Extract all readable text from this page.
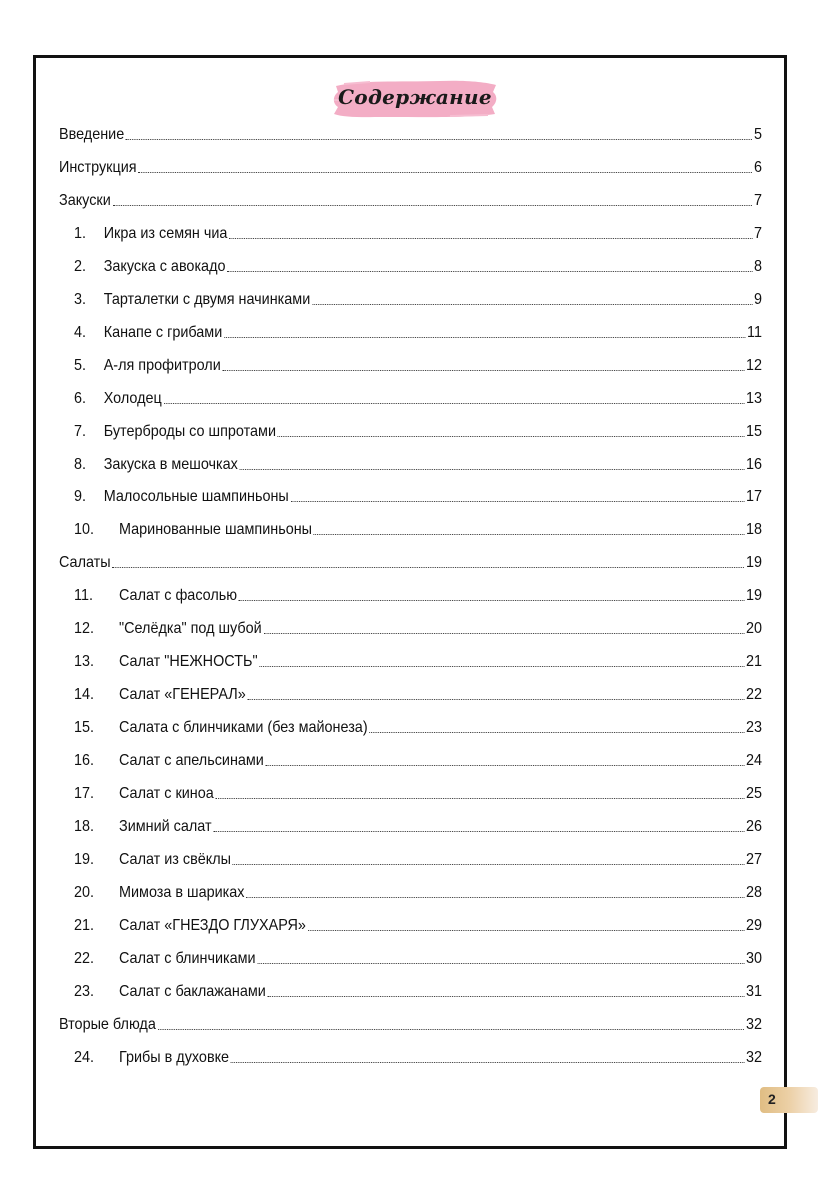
Содержание
Введение	5
Инструкция	6
Закуски	7
1.	Икра из семян чиа	7
2.	Закуска с авокадо	8
3.	Тарталетки с двумя начинками	9
4.	Канапе с грибами	11
5.	А-ля профитроли	12
6.	Холодец	13
7.	Бутерброды со шпротами	15
8.	Закуска в мешочках	16
9.	Малосольные шампиньоны	17
10.	Маринованные шампиньоны	18
Салаты	19
11.	Салат с фасолью	19
12.	"Селёдка" под шубой	20
13.	Салат "НЕЖНОСТЬ"	21
14.	Салат «ГЕНЕРАЛ»	22
15.	Салата с блинчиками (без майонеза)	23
16.	Салат с апельсинами	24
17.	Салат с киноа	25
18.	Зимний салат	26
19.	Салат из свёклы	27
20.	Мимоза в шариках	28
21.	Салат «ГНЕЗДО ГЛУХАРЯ»	29
22.	Салат с блинчиками	30
23.	Салат с баклажанами	31
Вторые блюда	32
24.	Грибы в духовке	32
2
